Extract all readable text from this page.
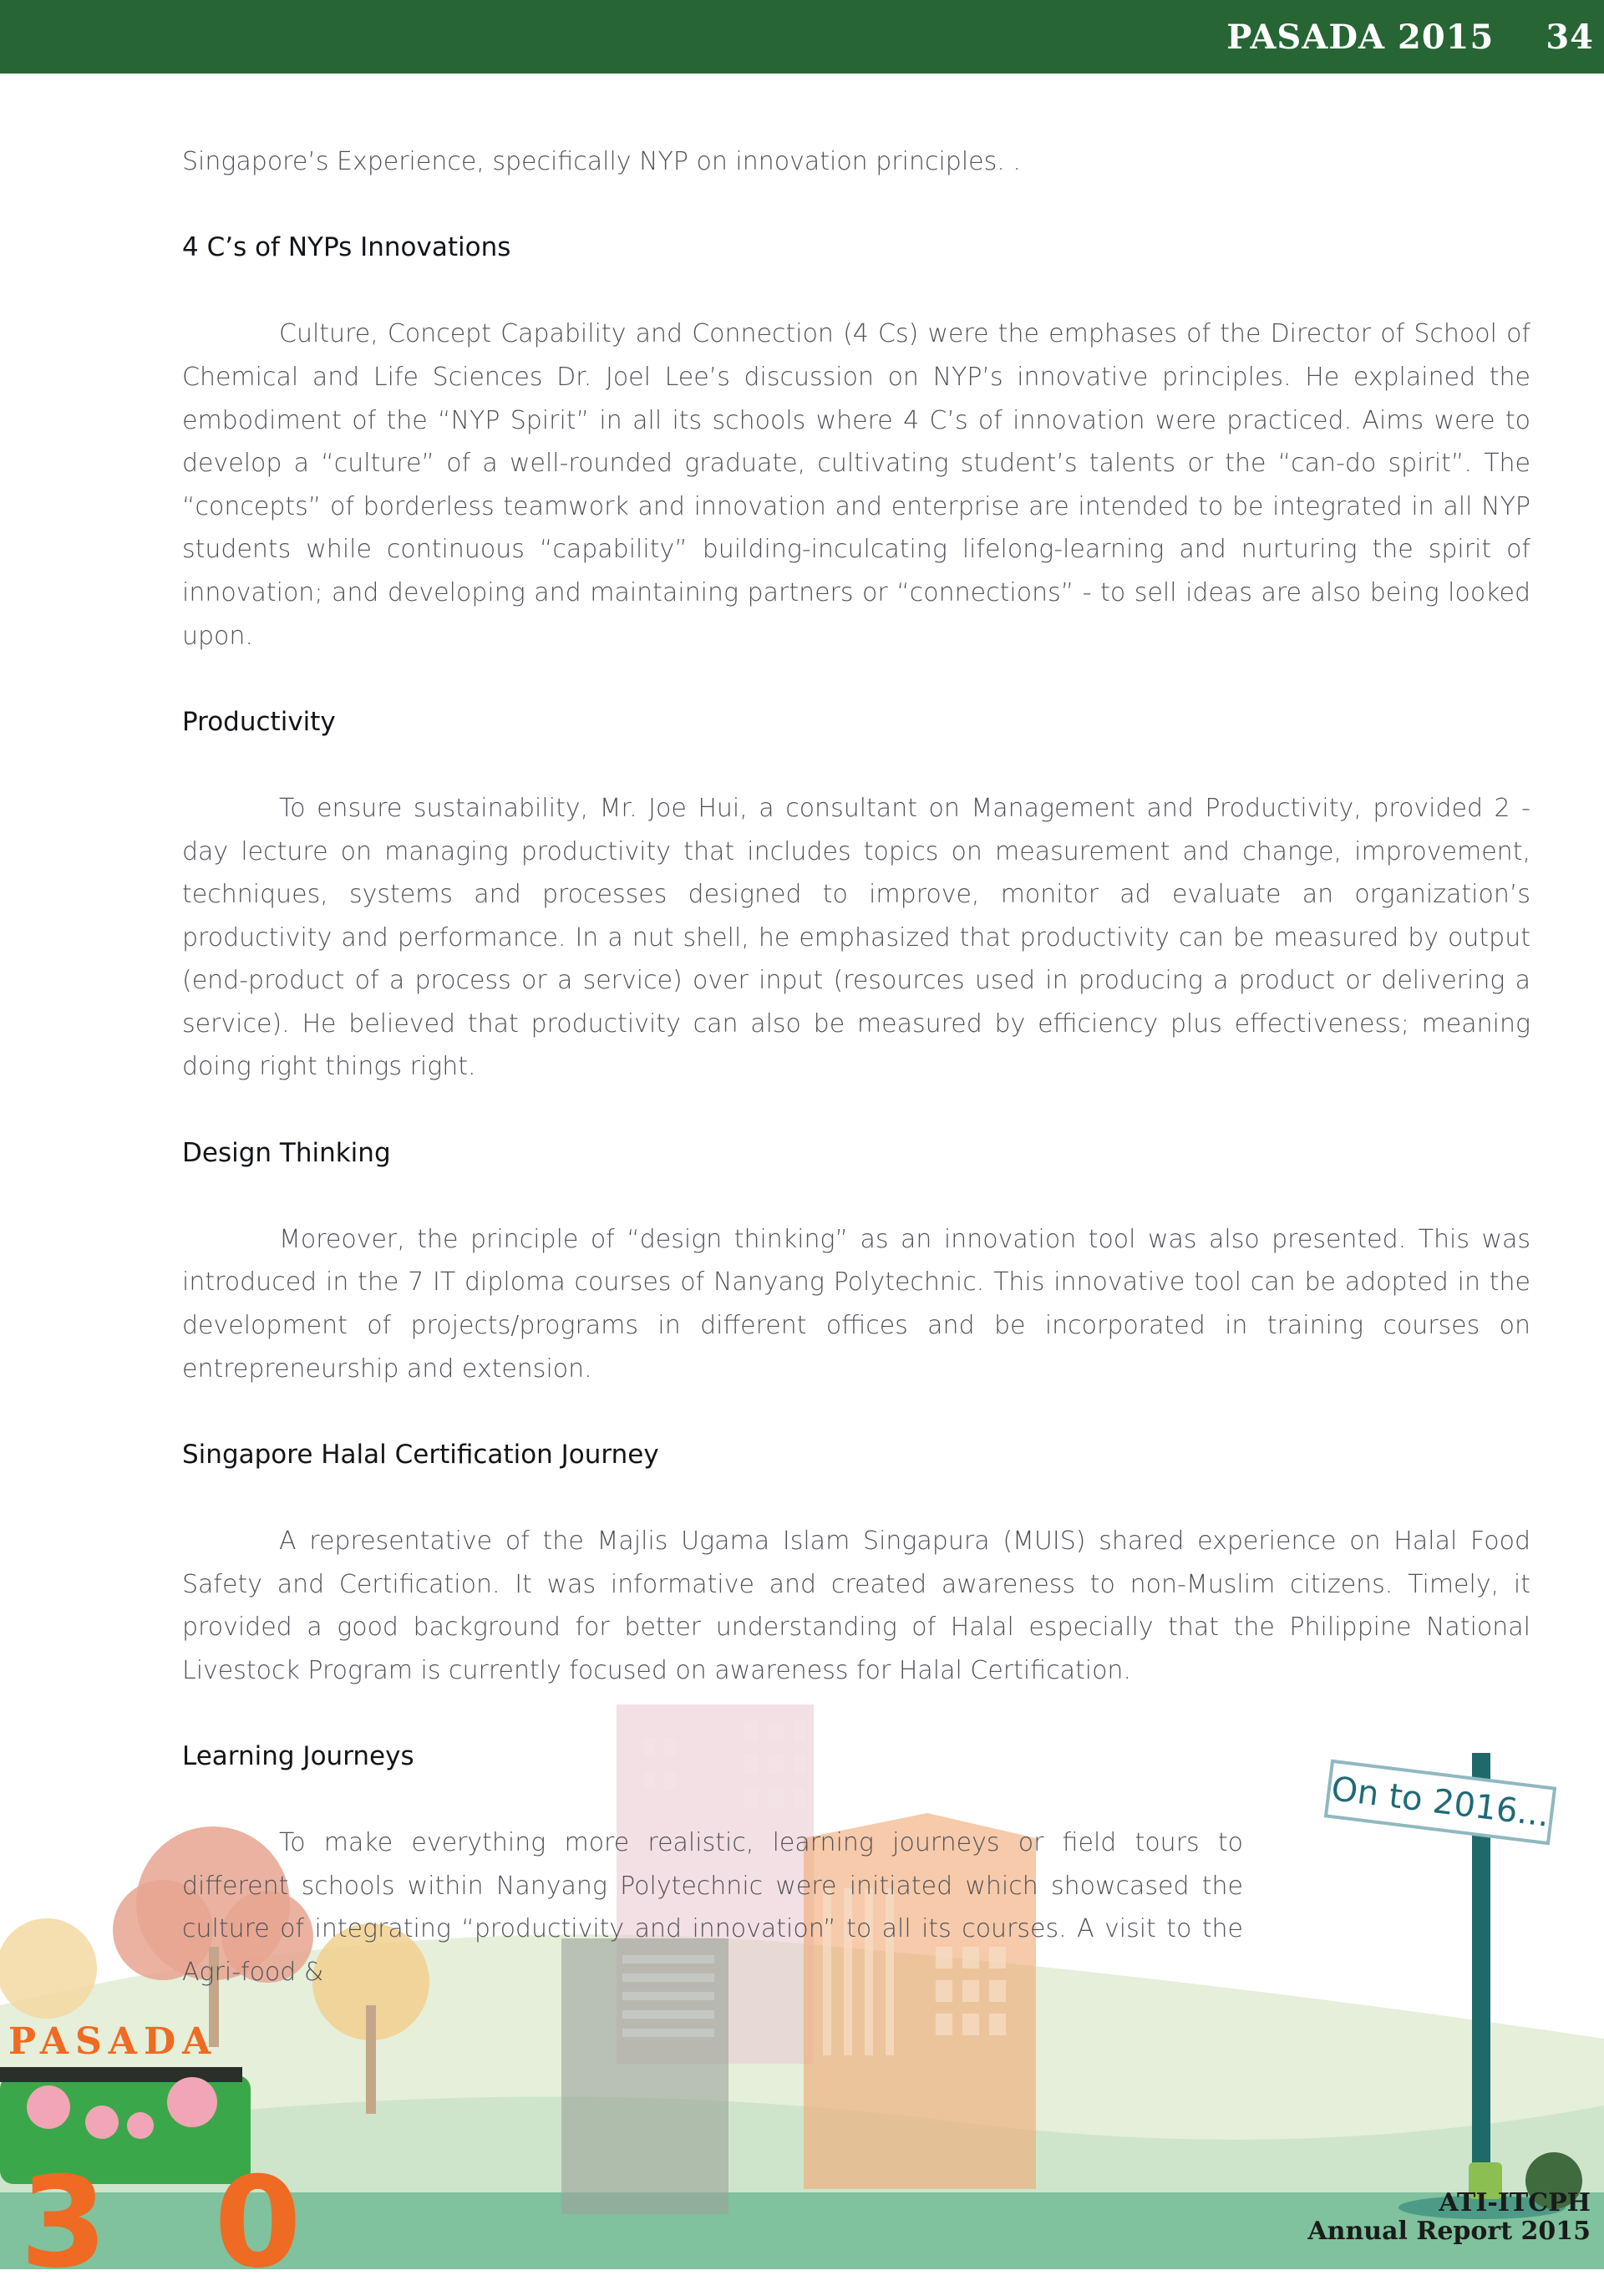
PASADA 2015 34

Singapore’s Experience, specifically NYP on innovation principles. .

4 C’s of NYPs Innovations

Culture, Concept Capability and Connection (4 Cs) were the emphases of the Director of School of Chemical and Life Sciences Dr. Joel Lee’s discussion on NYP’s innovative principles. He explained the embodiment of the “NYP Spirit” in all its schools where 4 C’s of innovation were practiced. Aims were to develop a “culture” of a well-rounded graduate, cultivating student’s talents or the “can-do spirit”. The “concepts” of borderless teamwork and innovation and enterprise are intended to be integrated in all NYP students while continuous “capability” building-inculcating lifelong-learning and nurturing the spirit of innovation; and developing and maintaining partners or “connections” - to sell ideas are also being looked upon.

Productivity

To ensure sustainability, Mr. Joe Hui, a consultant on Management and Productivity, provided 2 - day lecture on managing productivity that includes topics on measurement and change, improvement, techniques, systems and processes designed to improve, monitor ad evaluate an organization’s productivity and performance. In a nut shell, he emphasized that productivity can be measured by output (end-product of a process or a service) over input (resources used in producing a product or delivering a service). He believed that productivity can also be measured by efficiency plus effectiveness; meaning doing right things right.

Design Thinking

Moreover, the principle of “design thinking” as an innovation tool was also presented. This was introduced in the 7 IT diploma courses of Nanyang Polytechnic. This innovative tool can be adopted in the development of projects/programs in different offices and be incorporated in training courses on entrepreneurship and extension.

Singapore Halal Certification Journey

A representative of the Majlis Ugama Islam Singapura (MUIS) shared experience on Halal Food Safety and Certification. It was informative and created awareness to non-Muslim citizens. Timely, it provided a good background for better understanding of Halal especially that the Philippine National Livestock Program is currently focused on awareness for Halal Certification.

Learning Journeys

To make everything more realistic, learning journeys or field tours to different schools within Nanyang Polytechnic were initiated which showcased the culture of integrating “productivity and innovation” to all its courses. A visit to the Agri-food &

On to 2016...
PASADA
30	ATI-ITCPH
Annual Report 2015
